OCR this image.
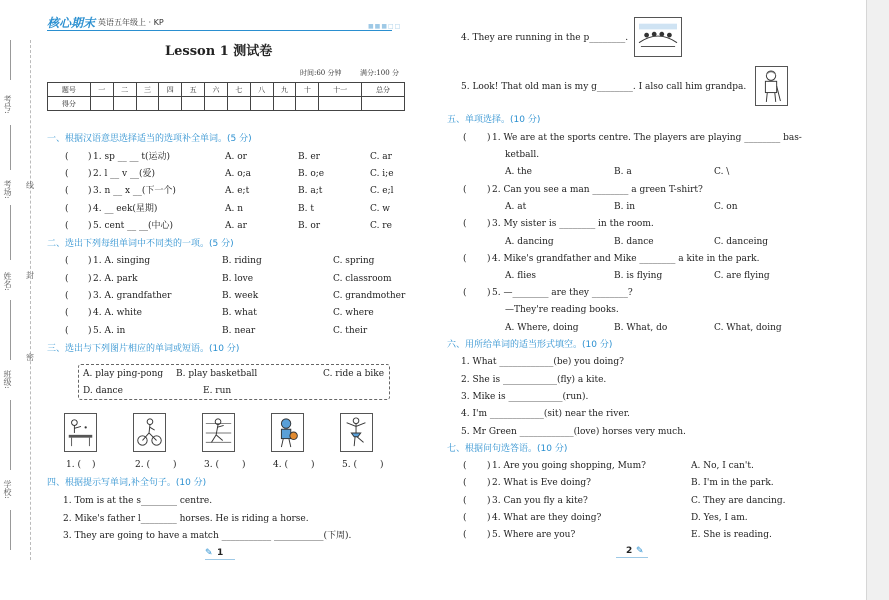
考号:
考场:
姓名:
班级:
学校:
线
封
密
核心期末 英语五年级上 · KP	■■■□□
Lesson 1 测试卷
时间:60 分钟	满分:100 分
题号	一	二	三	四	五	六	七	八	九	十	十一	总分
得分												
一、根据汉语意思选择适当的选项补全单词。(5 分)
( ) 1. sp __ __ t(运动)	A. or	B. er	C. ar
( ) 2. l __ v __(爱)	A. o;a	B. o;e	C. i;e
( ) 3. n __ x __(下一个)	A. e;t	B. a;t	C. e;l
( ) 4. __ eek(星期)	A. n	B. t	C. w
( ) 5. cent __ __(中心)	A. ar	B. or	C. re
二、选出下列每组单词中不同类的一项。(5 分)
( ) 1. A. singing	B. riding	C. spring
( ) 2. A. park	B. love	C. classroom
( ) 3. A. grandfather	B. week	C. grandmother
( ) 4. A. white	B. what	C. where
( ) 5. A. in	B. near	C. their
三、选出与下列图片相应的单词或短语。(10 分)
A. play ping-pong B. play basketball	C. ride a bike
D. dance	E. run
1. ( )	2. (	)	3. (	)	4. (	)	5. (	)
四、根据提示写单词,补全句子。(10 分)
1. Tom is at the s________ centre.
2. Mike's father l________ horses. He is riding a horse.
3. They are going to have a match ___________ ___________(下周).
✎ 1
4. They are running in the p________.
5. Look! That old man is my g________. I also call him grandpa.
五、单项选择。(10 分)
( ) 1. We are at the sports centre. The players are playing ________ bas-
ketball.
A. the	B. a	C. \
( ) 2. Can you see a man ________ a green T-shirt?
A. at	B. in	C. on
( ) 3. My sister is ________ in the room.
A. dancing	B. dance	C. danceing
( ) 4. Mike's grandfather and Mike ________ a kite in the park.
A. flies	B. is flying	C. are flying
( ) 5. —________ are they ________?
—They're reading books.
A. Where, doing	B. What, do	C. What, doing
六、用所给单词的适当形式填空。(10 分)
1. What ____________(be) you doing?
2. She is ____________(fly) a kite.
3. Mike is ____________(run).
4. I'm ____________(sit) near the river.
5. Mr Green ____________(love) horses very much.
七、根据问句选答语。(10 分)
( ) 1. Are you going shopping, Mum?	A. No, I can't.
( ) 2. What is Eve doing?	B. I'm in the park.
( ) 3. Can you fly a kite?	C. They are dancing.
( ) 4. What are they doing?	D. Yes, I am.
( ) 5. Where are you?	E. She is reading.
2 ✎
